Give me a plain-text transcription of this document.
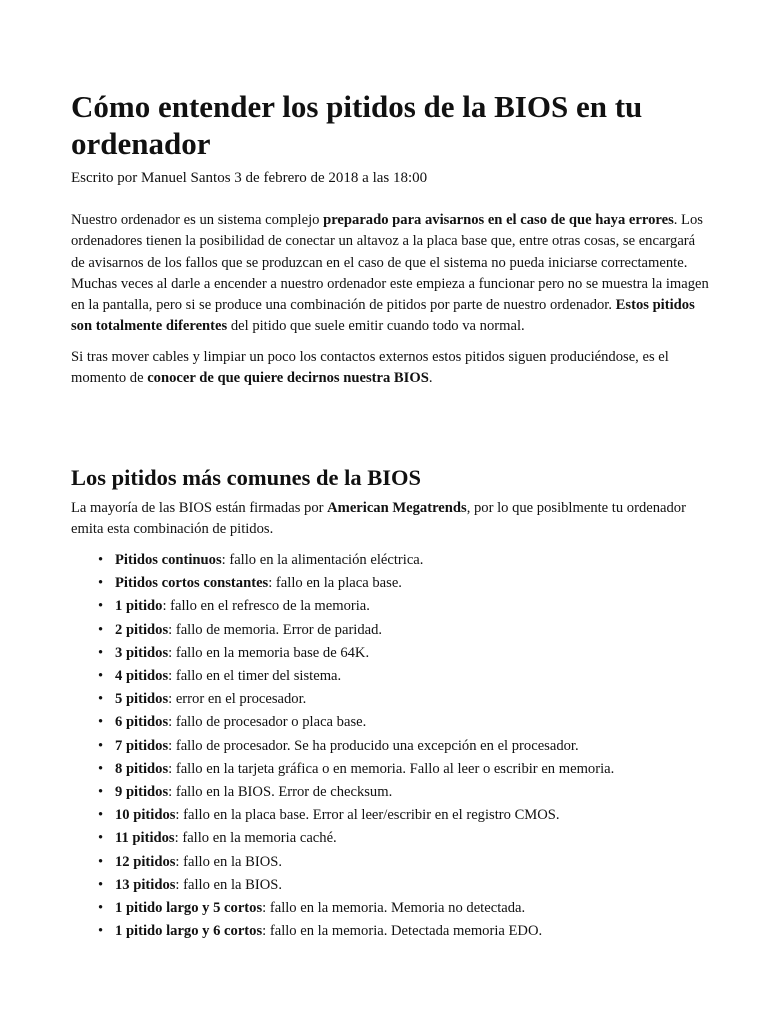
Cómo entender los pitidos de la BIOS en tu ordenador

Escrito por Manuel Santos 3 de febrero de 2018 a las 18:00

Nuestro ordenador es un sistema complejo preparado para avisarnos en el caso de que haya errores. Los ordenadores tienen la posibilidad de conectar un altavoz a la placa base que, entre otras cosas, se encargará de avisarnos de los fallos que se produzcan en el caso de que el sistema no pueda iniciarse correctamente.

Muchas veces al darle a encender a nuestro ordenador este empieza a funcionar pero no se muestra la imagen en la pantalla, pero si se produce una combinación de pitidos por parte de nuestro ordenador. Estos pitidos son totalmente diferentes del pitido que suele emitir cuando todo va normal.

Si tras mover cables y limpiar un poco los contactos externos estos pitidos siguen produciéndose, es el momento de conocer de que quiere decirnos nuestra BIOS.

Los pitidos más comunes de la BIOS

La mayoría de las BIOS están firmadas por American Megatrends, por lo que posiblmente tu ordenador emita esta combinación de pitidos.

• Pitidos continuos: fallo en la alimentación eléctrica.
• Pitidos cortos constantes: fallo en la placa base.
• 1 pitido: fallo en el refresco de la memoria.
• 2 pitidos: fallo de memoria. Error de paridad.
• 3 pitidos: fallo en la memoria base de 64K.
• 4 pitidos: fallo en el timer del sistema.
• 5 pitidos: error en el procesador.
• 6 pitidos: fallo de procesador o placa base.
• 7 pitidos: fallo de procesador. Se ha producido una excepción en el procesador.
• 8 pitidos: fallo en la tarjeta gráfica o en memoria. Fallo al leer o escribir en memoria.
• 9 pitidos: fallo en la BIOS. Error de checksum.
• 10 pitidos: fallo en la placa base. Error al leer/escribir en el registro CMOS.
• 11 pitidos: fallo en la memoria caché.
• 12 pitidos: fallo en la BIOS.
• 13 pitidos: fallo en la BIOS.
• 1 pitido largo y 5 cortos: fallo en la memoria. Memoria no detectada.
• 1 pitido largo y 6 cortos: fallo en la memoria. Detectada memoria EDO.
